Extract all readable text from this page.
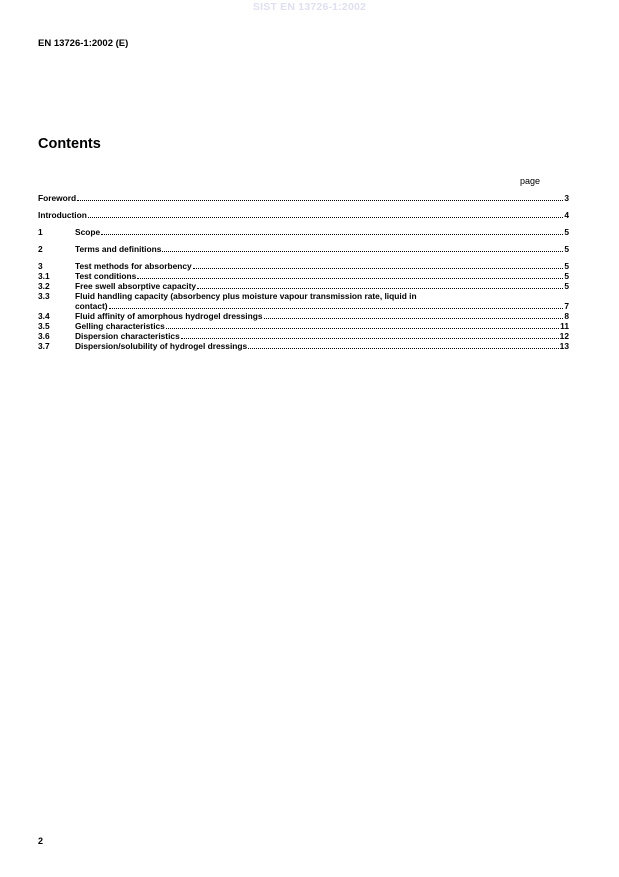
SIST EN 13726-1:2002
EN 13726-1:2002 (E)
Contents
page
Foreword	3
Introduction	4
1	Scope	5
2	Terms and definitions	5
3	Test methods for absorbency	5
3.1	Test conditions	5
3.2	Free swell absorptive capacity	5
3.3	Fluid handling capacity (absorbency plus moisture vapour transmission rate, liquid in
contact)	7
3.4	Fluid affinity of amorphous hydrogel dressings	8
3.5	Gelling characteristics	11
3.6	Dispersion characteristics	12
3.7	Dispersion/solubility of hydrogel dressings	13
2
